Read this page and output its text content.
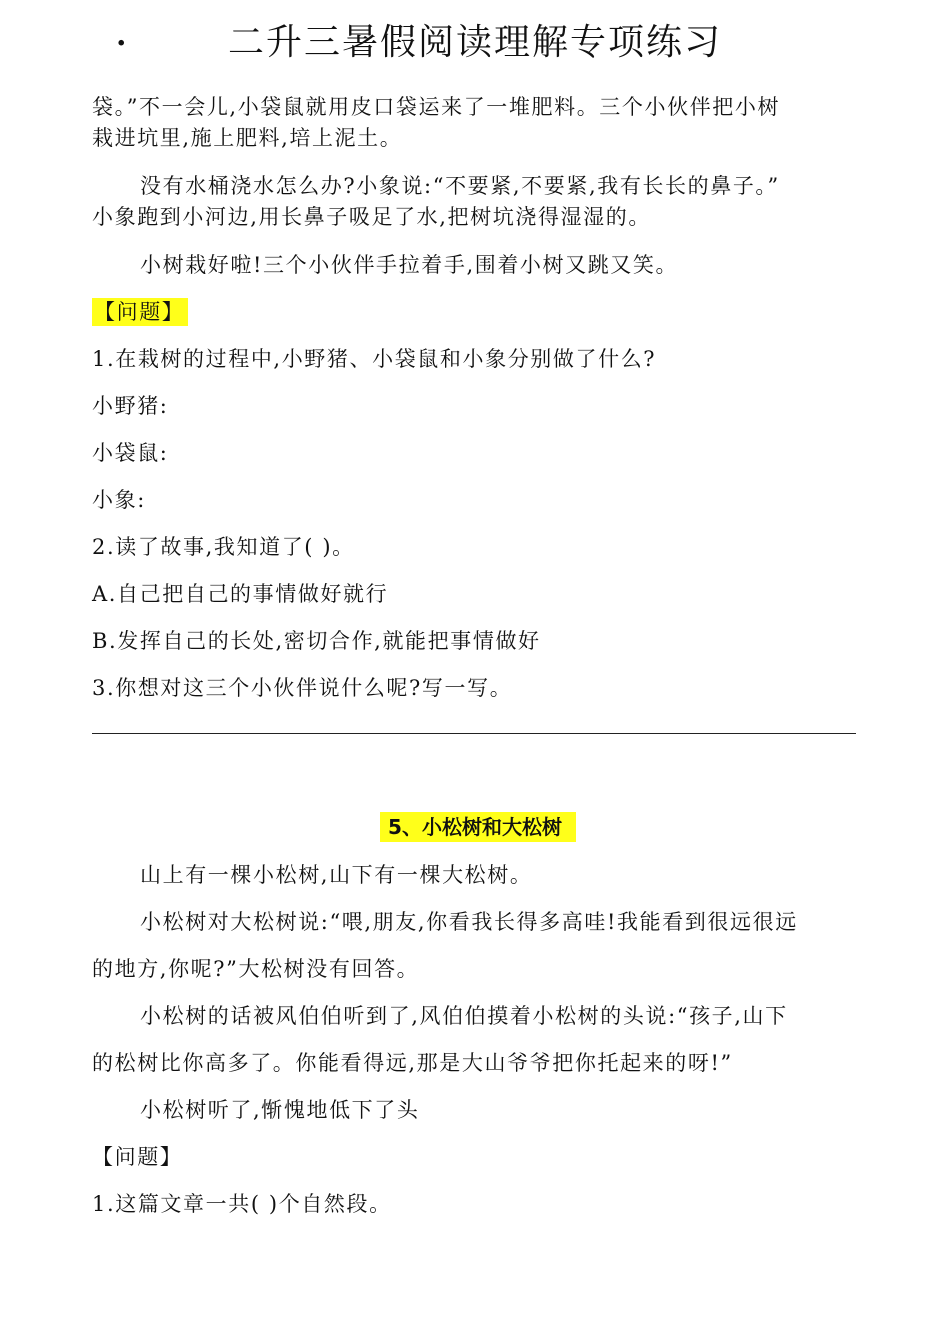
.	二升三暑假阅读理解专项练习
袋。”不一会儿,小袋鼠就用皮口袋运来了一堆肥料。三个小伙伴把小树
栽进坑里,施上肥料,培上泥土。
没有水桶浇水怎么办?小象说:“不要紧,不要紧,我有长长的鼻子。”
小象跑到小河边,用长鼻子吸足了水,把树坑浇得湿湿的。
小树栽好啦!三个小伙伴手拉着手,围着小树又跳又笑。
【问题】
1.在栽树的过程中,小野猪、小袋鼠和小象分别做了什么?
小野猪:
小袋鼠:
小象:
2.读了故事,我知道了( )。
A.自己把自己的事情做好就行
B.发挥自己的长处,密切合作,就能把事情做好
3.你想对这三个小伙伴说什么呢?写一写。
5、小松树和大松树
山上有一棵小松树,山下有一棵大松树。
小松树对大松树说:“喂,朋友,你看我长得多高哇!我能看到很远很远
的地方,你呢?”大松树没有回答。
小松树的话被风伯伯听到了,风伯伯摸着小松树的头说:“孩子,山下
的松树比你高多了。你能看得远,那是大山爷爷把你托起来的呀!”
小松树听了,惭愧地低下了头
【问题】
1.这篇文章一共( )个自然段。
